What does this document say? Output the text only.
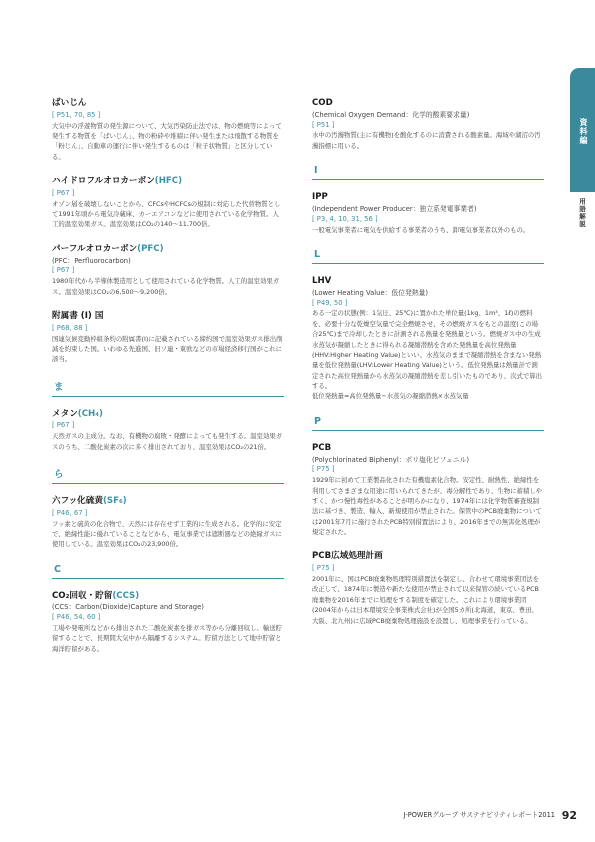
資料編
用語解説
ばいじん
[ P51, 70, 85 ]

大気中の浮遊物質の発生源について、大気汚染防止法では、物の燃焼等によって発生する物質を「ばいじん」、物の粉砕や堆積に伴い発生または飛散する物質を「粉じん」、自動車の運行に伴い発生するものは「粒子状物質」と区分している。

ハイドロフルオロカーボン(HFC)
[ P67 ]

オゾン層を破壊しないことから、CFCsやHCFCsの規制に対応した代替物質として1991年頃から電気冷蔵庫、カーエアコンなどに使用されている化学物質。人工的温室効果ガス。温室効果はCO₂の140～11,700倍。

パーフルオロカーボン(PFC)
(PFC：Perfluorocarbon)
[ P67 ]

1980年代から半導体製造用として使用されている化学物質。人工的温室効果ガス。温室効果はCO₂の6,500～9,200倍。

附属書 (I) 国
[ P68, 88 ]

国連気候変動枠組条約の附属書(I)に記載されている締約国で温室効果ガス排出削減を約束した国。いわゆる先進国、旧ソ連・東欧などの市場経済移行国がこれに該当。

ま
メタン(CH₄)
[ P67 ]

天然ガスの主成分。なお、有機物の腐敗・発酵によっても発生する。温室効果ガスのうち、二酸化炭素の次に多く排出されており、温室効果はCO₂の21倍。

ら
六フッ化硫黄(SF₆)
[ P46, 67 ]

フッ素と硫黄の化合物で、天然には存在せず工業的に生成される。化学的に安定で、絶縁性能に優れていることなどから、電気事業では遮断器などの絶縁ガスに使用している。温室効果はCO₂の23,900倍。

C
CO₂回収・貯留(CCS)
(CCS：Carbon(Dioxide)Capture and Storage)
[ P46, 54, 60 ]

工場や発電所などから排出された二酸化炭素を排ガス等から分離回収し、輸送貯留することで、長期間大気中から隔離するシステム。貯留方法として地中貯留と海洋貯留がある。

COD
(Chemical Oxygen Demand：化学的酸素要求量)
[ P51 ]

水中の汚濁物質(主に有機物)を酸化するのに消費される酸素量。海域や湖沼の汚濁指標に用いる。

I
IPP
(Independent Power Producer：独立系発電事業者)
[ P3, 4, 10, 31, 56 ]

一般電気事業者に電気を供給する事業者のうち、卸電気事業者以外のもの。

L
LHV
(Lower Heating Value：低位発熱量)
[ P49, 50 ]

ある一定の状態(例：1気圧、25℃)に置かれた単位量(1kg、1m³、1ℓ)の燃料を、必要十分な乾燥空気量で完全燃焼させ、その燃焼ガスをもとの温度(この場合25℃)まで冷却したときに計測される熱量を発熱量という。燃焼ガス中の生成水蒸気が凝縮したときに得られる凝縮潜熱を含めた発熱量を高位発熱量(HHV:Higher Heating Value)といい、水蒸気のままで凝縮潜熱を含まない発熱量を低位発熱量(LHV:Lower Heating Value)という。低位発熱量は熱量計で測定された高位発熱量から水蒸気の凝縮潜熱を差し引いたものであり、次式で算出する。

低位発熱量=高位発熱量−水蒸気の凝縮潜熱×水蒸気量

P
PCB
(Polychlorinated Biphenyl：ポリ塩化ビフェニル)
[ P75 ]

1929年に初めて工業製品化された有機塩素化合物。安定性、耐熱性、絶縁性を利用してさまざまな用途に用いられてきたが、毒分解性であり、生物に蓄積しやすく、かつ慢性毒性があることが明らかになり、1974年には化学物質審査規制法に基づき、製造、輸入、新規使用が禁止された。保管中のPCB廃棄物については2001年7月に施行されたPCB特別措置法により、2016年までの無害化処理が規定された。

PCB広域処理計画
[ P75 ]

2001年に、国はPCB廃棄物処理特別措置法を制定し、合わせて環境事業団法を改正して、1874年に製造や新たな使用が禁止されて以来保管の続いているPCB廃棄物を2016年までに処理をする制度を確定した。これにより環境事業団(2004年からは日本環境安全事業株式会社)が全国5カ所(北海道、東京、豊田、大阪、北九州)に広域PCB廃棄物処理施設を設置し、処理事業を行っている。

J-POWERグループ サステナビリティレポート2011 92
